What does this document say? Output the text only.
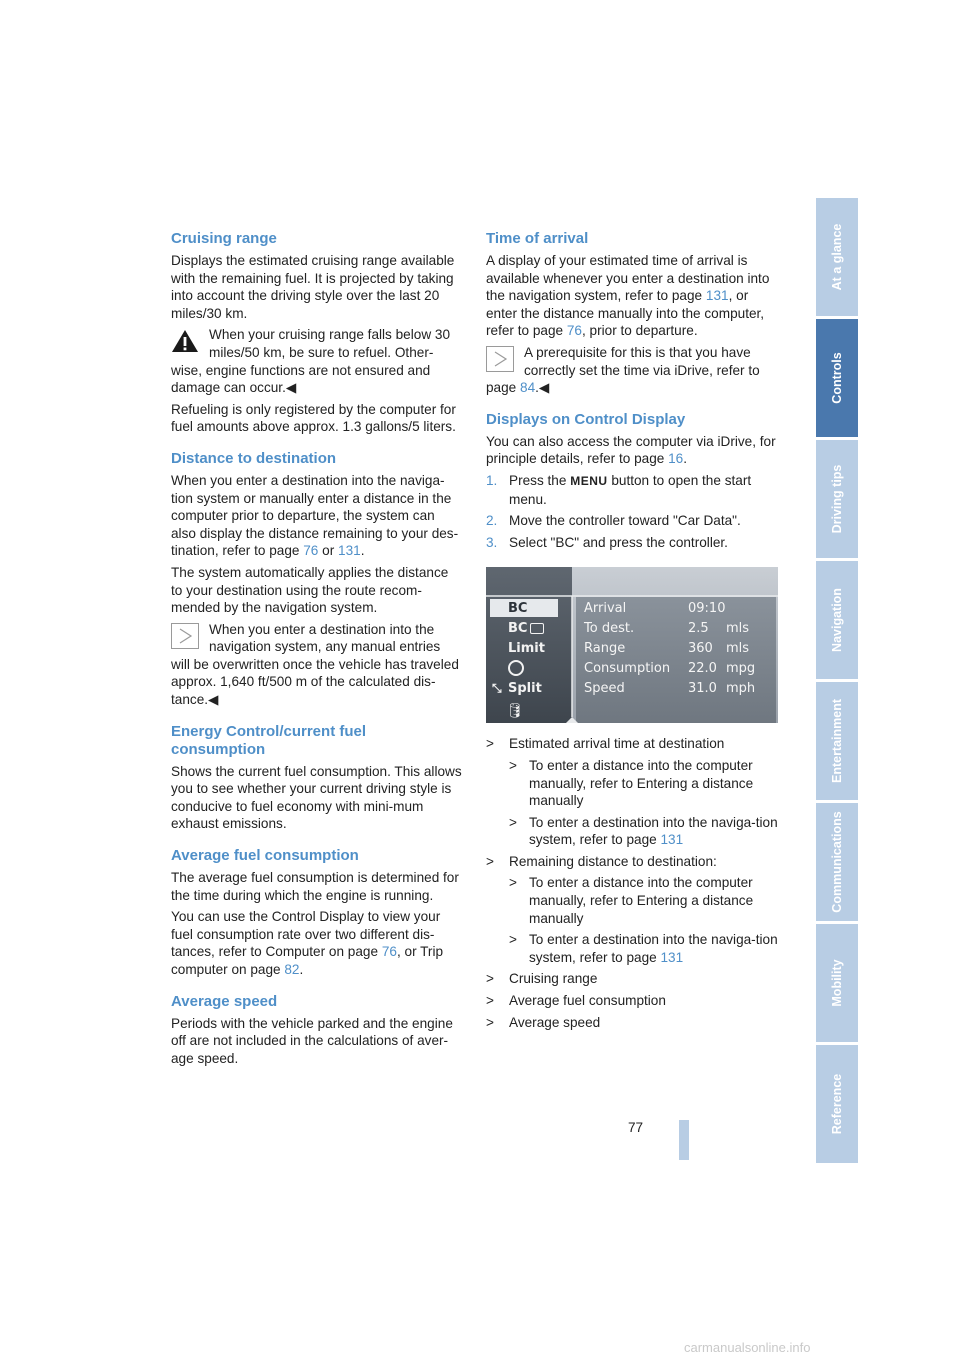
Cruising range

Displays the estimated cruising range available with the remaining fuel. It is projected by taking into account the driving style over the last 20 miles/30 km.

When your cruising range falls below 30 miles/50 km, be sure to refuel. Other-
wise, engine functions are not ensured and damage can occur.◀

Refueling is only registered by the computer for fuel amounts above approx. 1.3 gallons/5 liters.

Distance to destination

When you enter a destination into the naviga-tion system or manually enter a distance in the computer prior to departure, the system can also display the distance remaining to your des-tination, refer to page 76 or 131.

The system automatically applies the distance to your destination using the route recom-mended by the navigation system.

When you enter a destination into the navigation system, any manual entries
will be overwritten once the vehicle has traveled approx. 1,640 ft/500 m of the calculated dis-tance.◀
Energy Control/current fuel consumption

Shows the current fuel consumption. This allows you to see whether your current driving style is conducive to fuel economy with mini-mum exhaust emissions.

Average fuel consumption

The average fuel consumption is determined for the time during which the engine is running.

You can use the Control Display to view your fuel consumption rate over two different dis-tances, refer to Computer on page 76, or Trip computer on page 82.

Average speed

Periods with the vehicle parked and the engine off are not included in the calculations of aver-age speed.

Time of arrival

A display of your estimated time of arrival is available whenever you enter a destination into the navigation system, refer to page 131, or enter the distance manually into the computer, refer to page 76, prior to departure.

A prerequisite for this is that you have correctly set the time via iDrive, refer to
page 84.◀
Displays on Control Display

You can also access the computer via iDrive, for principle details, refer to page 16.

1. Press the MENU button to open the start menu.
2. Move the controller toward "Car Data".
3. Select "BC" and press the controller.
BC
BC
Limit
Split
⤡
🛢
Arrival	09:10
To dest.	2.5 mls
Range	360 mls
Consumption 22.0 mpg
Speed	31.0 mph
> Estimated arrival time at destination
> To enter a distance into the computer manually, refer to Entering a distance manually
> To enter a destination into the naviga-tion system, refer to page 131
> Remaining distance to destination:
> To enter a distance into the computer manually, refer to Entering a distance manually
> To enter a destination into the naviga-tion system, refer to page 131
> Cruising range
> Average fuel consumption
> Average speed
At a glance
Controls
Driving tips
Navigation
Entertainment
Communications
Mobility
Reference
77
carmanualsonline.info
